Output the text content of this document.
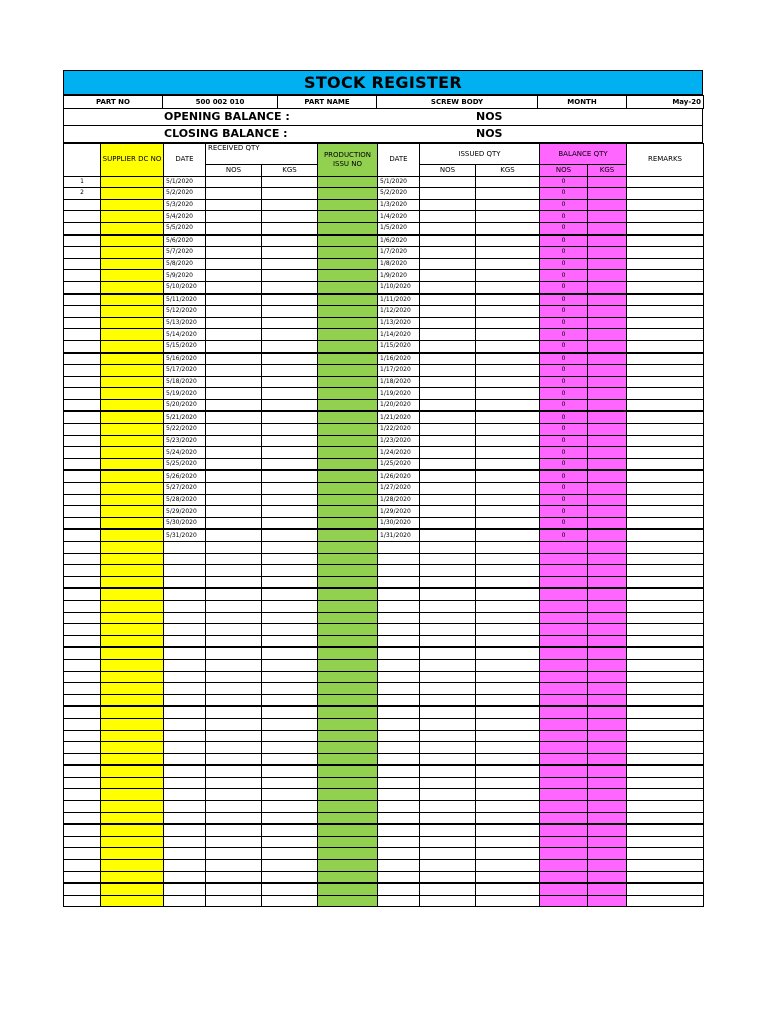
STOCK REGISTER
PART NO	500 002 010	PART NAME	SCREW BODY	MONTH	May-20
OPENING BALANCE :	NOS
CLOSING BALANCE :	NOS
	SUPPLIER DC NO	DATE	RECEIVED QTY		PRODUCTION ISSU NO	DATE	ISSUED QTY		BALANCE QTY		REMARKS
			NOS	KGS			NOS	KGS	NOS	KGS	
1		5/1/2020				5/1/2020			0		
2		5/2/2020				5/2/2020			0		
		5/3/2020				1/3/2020			0		
		5/4/2020				1/4/2020			0		
		5/5/2020				1/5/2020			0		
		5/6/2020				1/6/2020			0		
		5/7/2020				1/7/2020			0		
		5/8/2020				1/8/2020			0		
		5/9/2020				1/9/2020			0		
		5/10/2020				1/10/2020			0		
		5/11/2020				1/11/2020			0		
		5/12/2020				1/12/2020			0		
		5/13/2020				1/13/2020			0		
		5/14/2020				1/14/2020			0		
		5/15/2020				1/15/2020			0		
		5/16/2020				1/16/2020			0		
		5/17/2020				1/17/2020			0		
		5/18/2020				1/18/2020			0		
		5/19/2020				1/19/2020			0		
		5/20/2020				1/20/2020			0		
		5/21/2020				1/21/2020			0		
		5/22/2020				1/22/2020			0		
		5/23/2020				1/23/2020			0		
		5/24/2020				1/24/2020			0		
		5/25/2020				1/25/2020			0		
		5/26/2020				1/26/2020			0		
		5/27/2020				1/27/2020			0		
		5/28/2020				1/28/2020			0		
		5/29/2020				1/29/2020			0		
		5/30/2020				1/30/2020			0		
		5/31/2020				1/31/2020			0		
